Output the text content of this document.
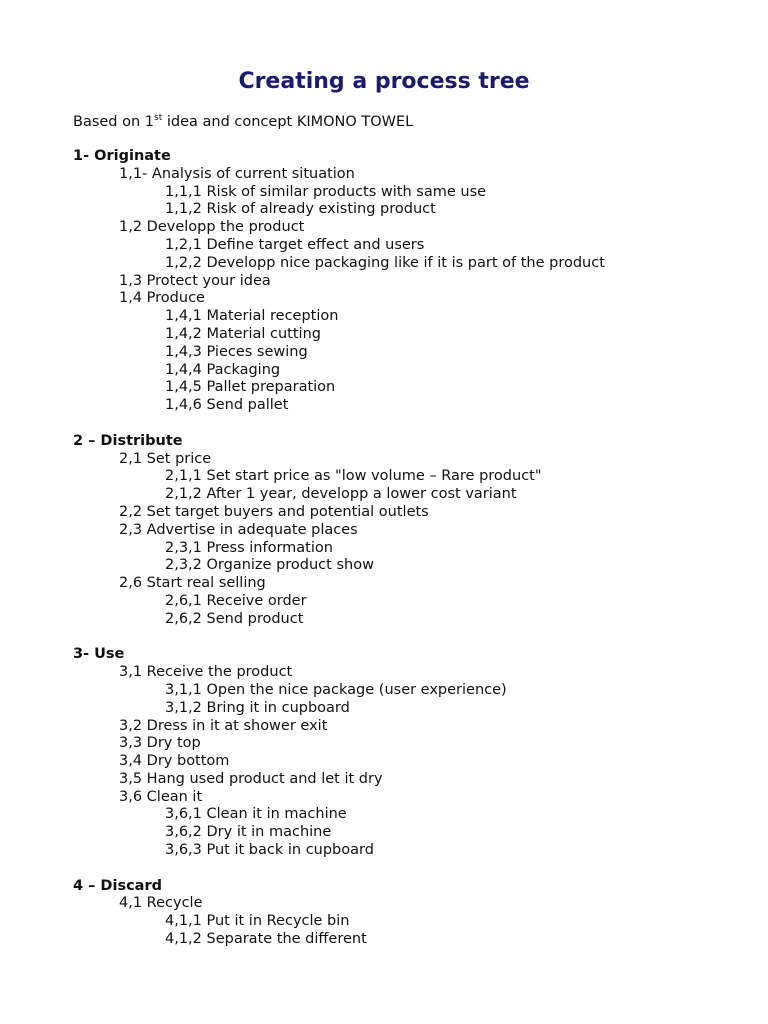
Creating a process tree
Based on 1st idea and concept KIMONO TOWEL
1- Originate
1,1- Analysis of current situation
1,1,1 Risk of similar products with same use
1,1,2 Risk of already existing product
1,2 Developp the product
1,2,1 Define target effect and users
1,2,2 Developp nice packaging like if it is part of the product
1,3 Protect your idea
1,4 Produce
1,4,1 Material reception
1,4,2 Material cutting
1,4,3 Pieces sewing
1,4,4 Packaging
1,4,5 Pallet preparation
1,4,6 Send pallet
2 – Distribute
2,1 Set price
2,1,1 Set start price as "low volume – Rare product"
2,1,2 After 1 year, developp a lower cost variant
2,2 Set target buyers and potential outlets
2,3 Advertise in adequate places
2,3,1 Press information
2,3,2 Organize product show
2,6 Start real selling
2,6,1 Receive order
2,6,2 Send product
3- Use
3,1 Receive the product
3,1,1 Open the nice package (user experience)
3,1,2 Bring it in cupboard
3,2 Dress in it at shower exit
3,3 Dry top
3,4 Dry bottom
3,5 Hang used product and let it dry
3,6 Clean it
3,6,1 Clean it in machine
3,6,2 Dry it in machine
3,6,3 Put it back in cupboard
4 – Discard
4,1 Recycle
4,1,1 Put it in Recycle bin
4,1,2 Separate the different
